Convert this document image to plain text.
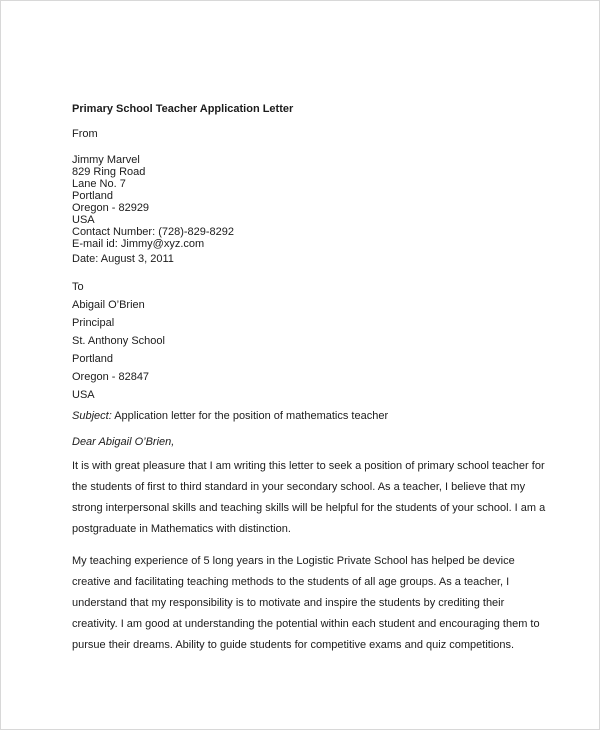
Primary School Teacher Application Letter
From
Jimmy Marvel
829 Ring Road
Lane No. 7
Portland
Oregon - 82929
USA
Contact Number: (728)-829-8292
E-mail id: Jimmy@xyz.com
Date: August 3, 2011
To
Abigail O’Brien
Principal
St. Anthony School
Portland
Oregon - 82847
USA
Subject: Application letter for the position of mathematics teacher
Dear Abigail O’Brien,

It is with great pleasure that I am writing this letter to seek a position of primary school teacher for the students of first to third standard in your secondary school. As a teacher, I believe that my strong interpersonal skills and teaching skills will be helpful for the students of your school. I am a postgraduate in Mathematics with distinction.

My teaching experience of 5 long years in the Logistic Private School has helped be device creative and facilitating teaching methods to the students of all age groups. As a teacher, I understand that my responsibility is to motivate and inspire the students by crediting their creativity. I am good at understanding the potential within each student and encouraging them to pursue their dreams. Ability to guide students for competitive exams and quiz competitions.
